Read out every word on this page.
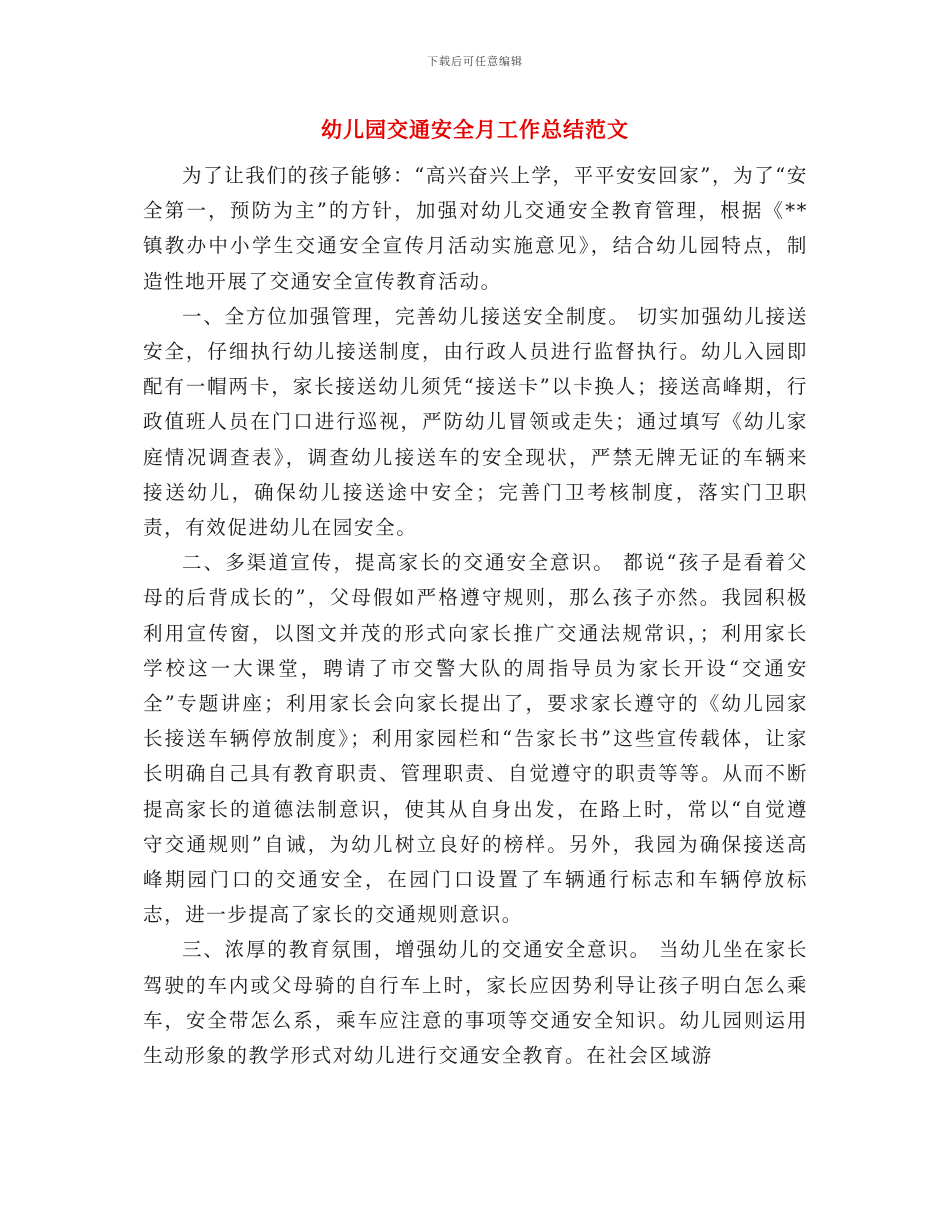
下载后可任意编辑
幼儿园交通安全月工作总结范文

为了让我们的孩子能够：“高兴奋兴上学，平平安安回家”，为了“安全第一，预防为主”的方针，加强对幼儿交通安全教育管理，根据《**镇教办中小学生交通安全宣传月活动实施意见》，结合幼儿园特点，制造性地开展了交通安全宣传教育活动。

一、全方位加强管理，完善幼儿接送安全制度。 切实加强幼儿接送安全，仔细执行幼儿接送制度，由行政人员进行监督执行。幼儿入园即配有一帽两卡，家长接送幼儿须凭“接送卡”以卡换人；接送高峰期，行政值班人员在门口进行巡视，严防幼儿冒领或走失；通过填写《幼儿家庭情况调查表》，调查幼儿接送车的安全现状，严禁无牌无证的车辆来接送幼儿，确保幼儿接送途中安全；完善门卫考核制度，落实门卫职责，有效促进幼儿在园安全。

二、多渠道宣传，提高家长的交通安全意识。 都说“孩子是看着父母的后背成长的”，父母假如严格遵守规则，那么孩子亦然。我园积极利用宣传窗，以图文并茂的形式向家长推广交通法规常识，；利用家长学校这一大课堂，聘请了市交警大队的周指导员为家长开设“交通安全”专题讲座；利用家长会向家长提出了，要求家长遵守的《幼儿园家长接送车辆停放制度》；利用家园栏和“告家长书”这些宣传载体，让家长明确自己具有教育职责、管理职责、自觉遵守的职责等等。从而不断提高家长的道德法制意识，使其从自身出发，在路上时，常以“自觉遵守交通规则”自诫，为幼儿树立良好的榜样。另外，我园为确保接送高峰期园门口的交通安全，在园门口设置了车辆通行标志和车辆停放标志，进一步提高了家长的交通规则意识。

三、浓厚的教育氛围，增强幼儿的交通安全意识。 当幼儿坐在家长驾驶的车内或父母骑的自行车上时，家长应因势利导让孩子明白怎么乘车，安全带怎么系，乘车应注意的事项等交通安全知识。幼儿园则运用生动形象的教学形式对幼儿进行交通安全教育。在社会区域游
